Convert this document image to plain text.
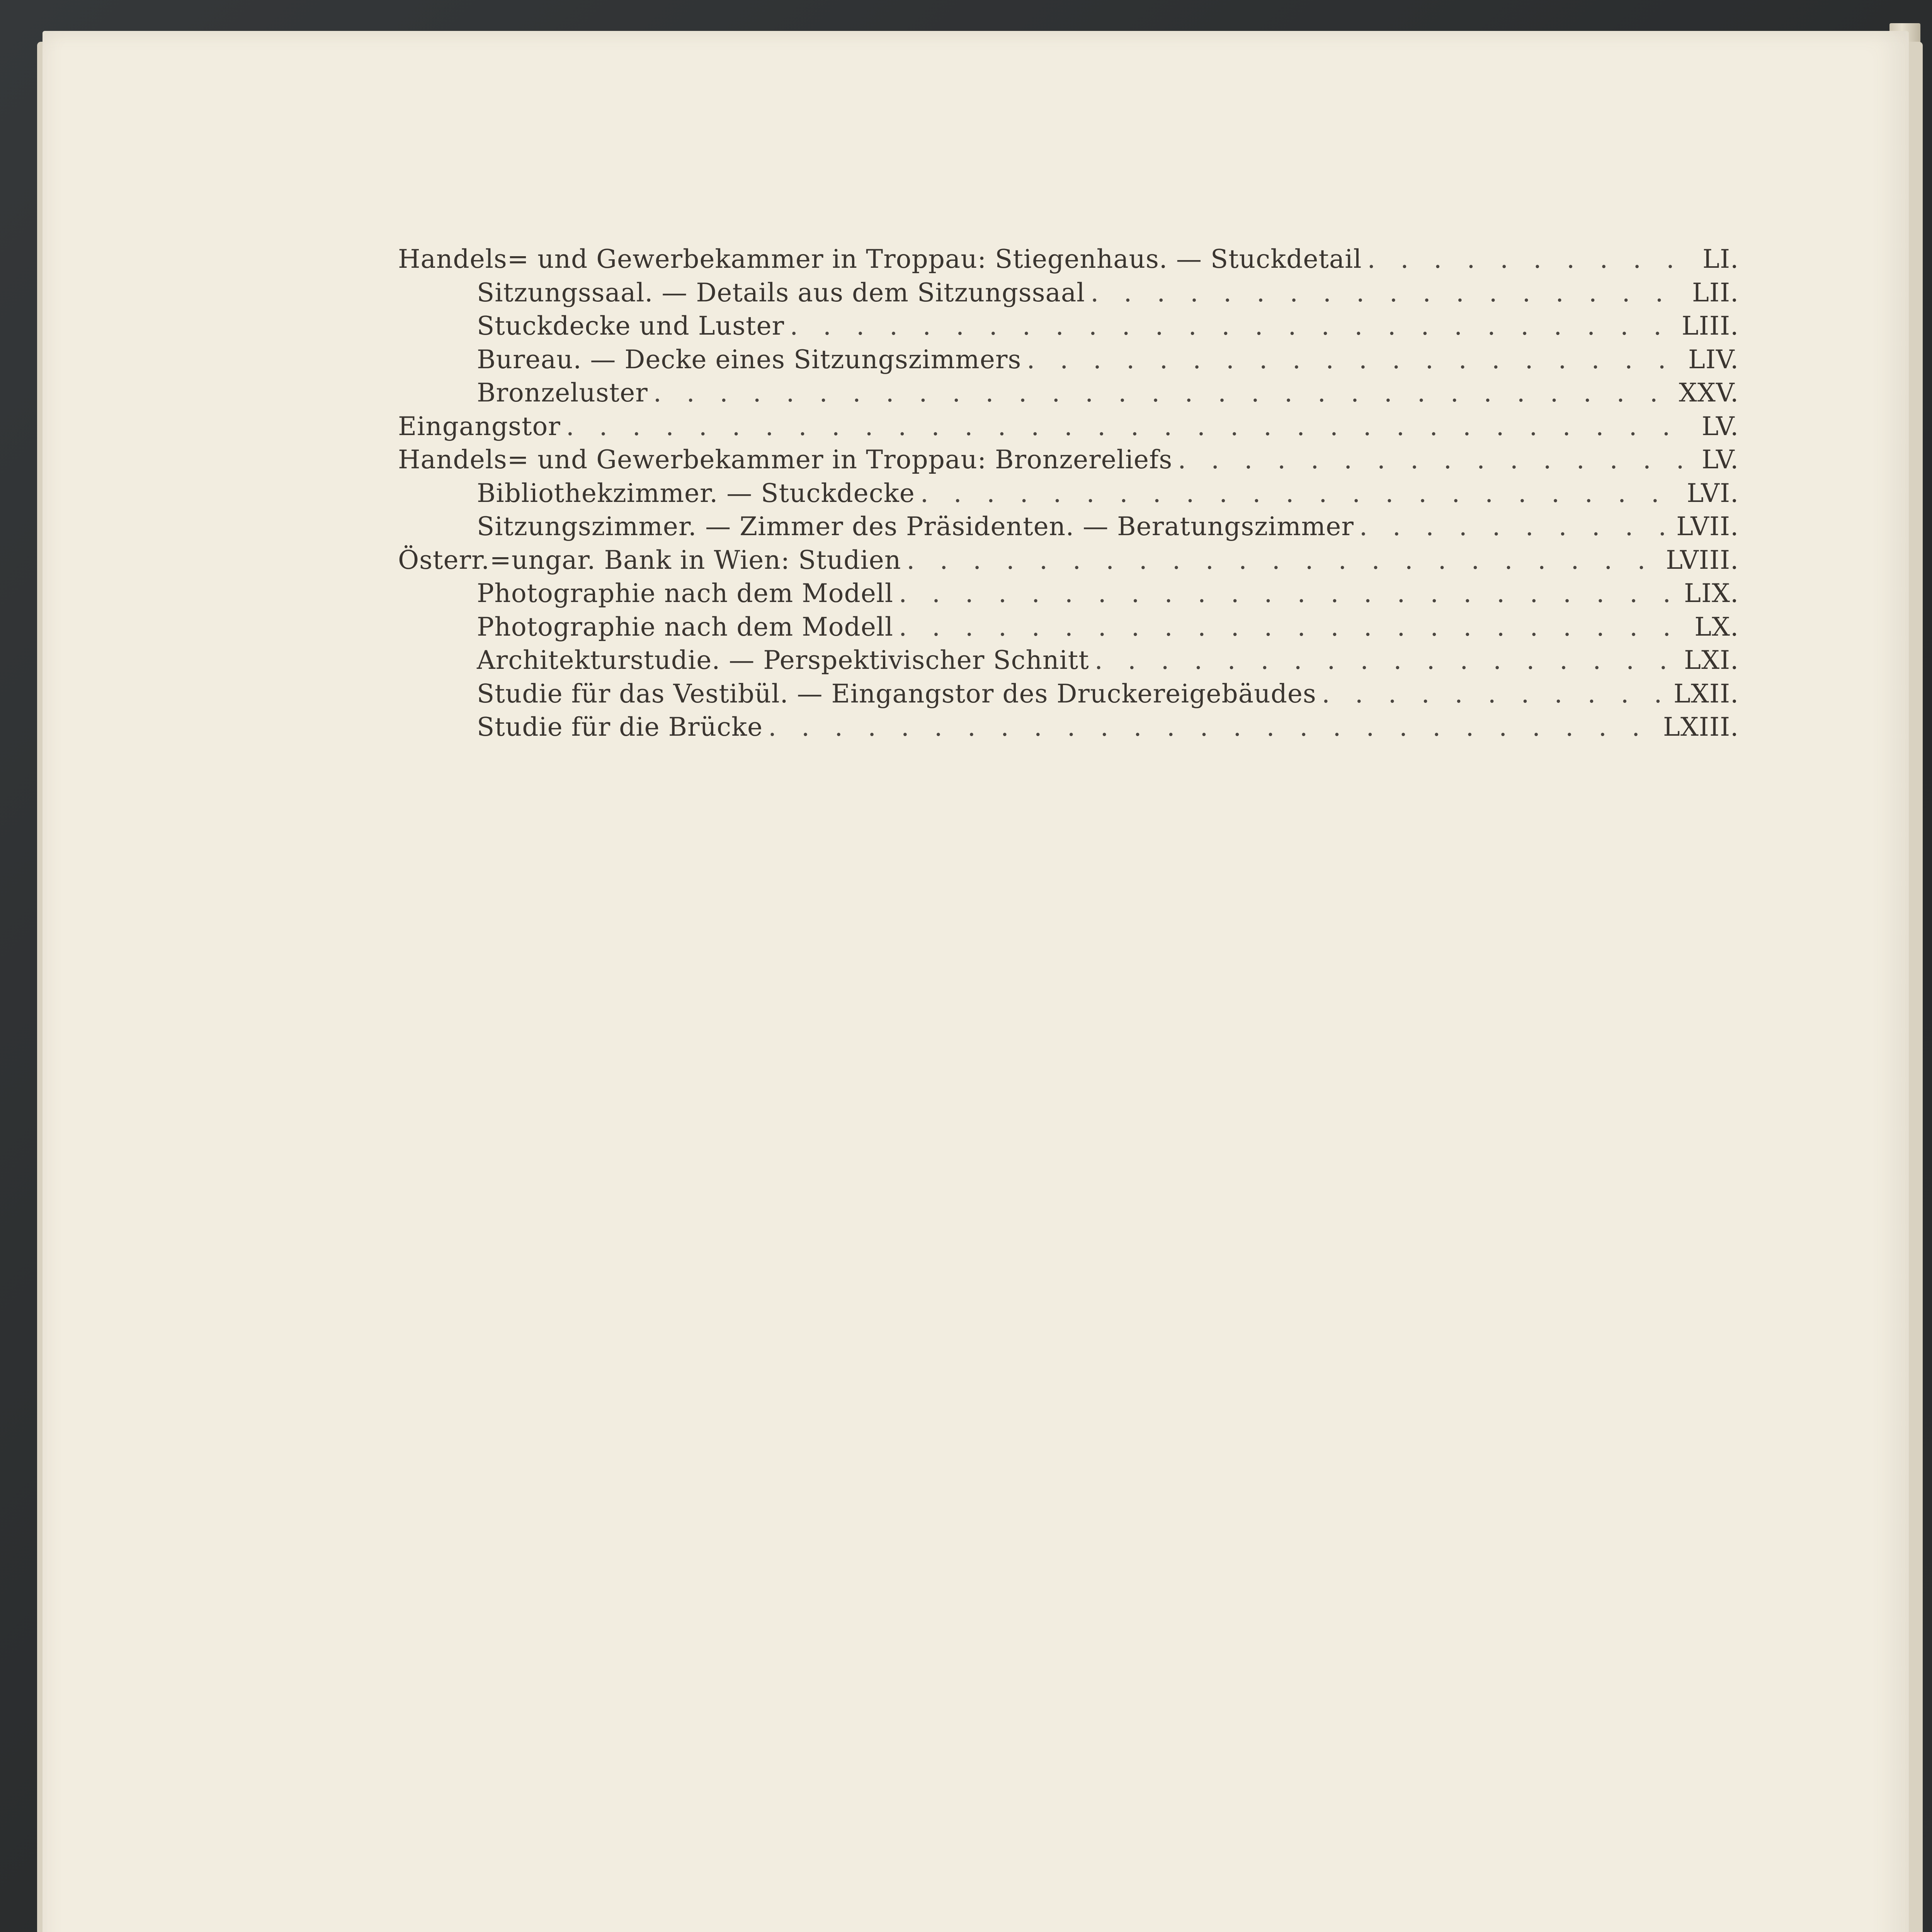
Handels= und Gewerbekammer in Troppau: Stiegenhaus. — Stuckdetail . . .	LI.
Sitzungssaal. — Details aus dem Sitzungssaal . . .	LII.
Stuckdecke und Luster . . .	LIII.
Bureau. — Decke eines Sitzungszimmers . . .	LIV.
Bronzeluster . . .	XXV.
Eingangstor . . .	LV.
Handels= und Gewerbekammer in Troppau: Bronzereliefs . . .	LV.
Bibliothekzimmer. — Stuckdecke . . .	LVI.
Sitzungszimmer. — Zimmer des Präsidenten. — Beratungszimmer . . .	LVII.
Österr.=ungar. Bank in Wien: Studien . . .	LVIII.
Photographie nach dem Modell . . .	LIX.
Photographie nach dem Modell . . .	LX.
Architekturstudie. — Perspektivischer Schnitt . . .	LXI.
Studie für das Vestibül. — Eingangstor des Druckereigebäudes . . .	LXII.
Studie für die Brücke . . .	LXIII.
